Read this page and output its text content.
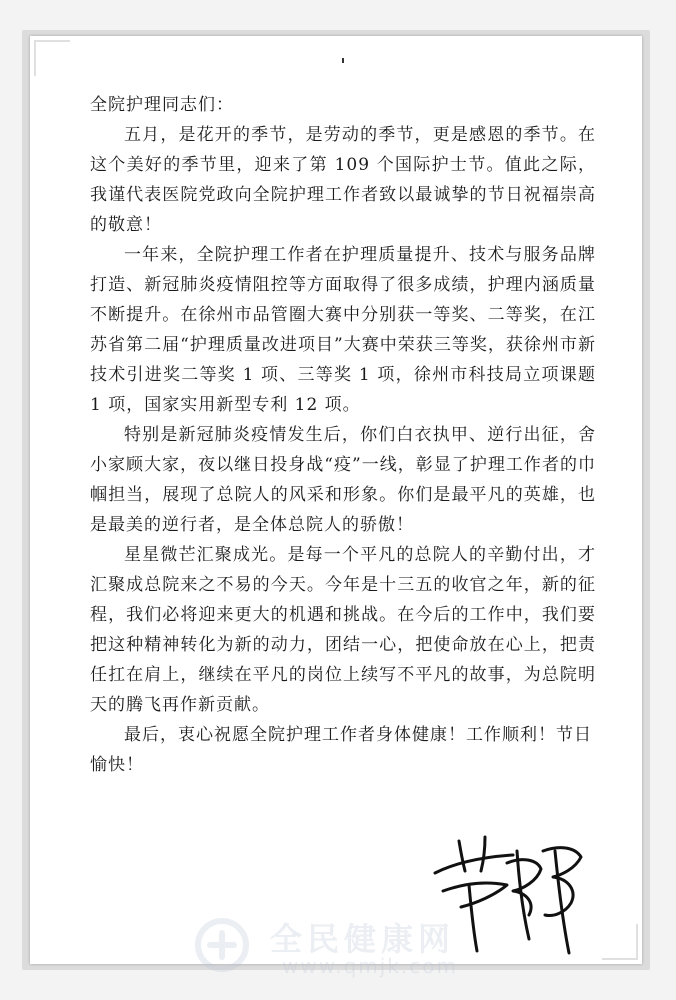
全院护理同志们：

五月，是花开的季节，是劳动的季节，更是感恩的季节。在这个美好的季节里，迎来了第 109 个国际护士节。值此之际，我谨代表医院党政向全院护理工作者致以最诚挚的节日祝福崇高的敬意！

一年来，全院护理工作者在护理质量提升、技术与服务品牌打造、新冠肺炎疫情阻控等方面取得了很多成绩，护理内涵质量不断提升。在徐州市品管圈大赛中分别获一等奖、二等奖，在江苏省第二届“护理质量改进项目”大赛中荣获三等奖，获徐州市新技术引进奖二等奖 1 项、三等奖 1 项，徐州市科技局立项课题 1 项，国家实用新型专利 12 项。

特别是新冠肺炎疫情发生后，你们白衣执甲、逆行出征，舍小家顾大家，夜以继日投身战“疫”一线，彰显了护理工作者的巾帼担当，展现了总院人的风采和形象。你们是最平凡的英雄，也是最美的逆行者，是全体总院人的骄傲！

星星微芒汇聚成光。是每一个平凡的总院人的辛勤付出，才汇聚成总院来之不易的今天。今年是十三五的收官之年，新的征程，我们必将迎来更大的机遇和挑战。在今后的工作中，我们要把这种精神转化为新的动力，团结一心，把使命放在心上，把责任扛在肩上，继续在平凡的岗位上续写不平凡的故事，为总院明天的腾飞再作新贡献。

最后，衷心祝愿全院护理工作者身体健康！工作顺利！节日愉快！

全民健康网
www.qmjk.com
